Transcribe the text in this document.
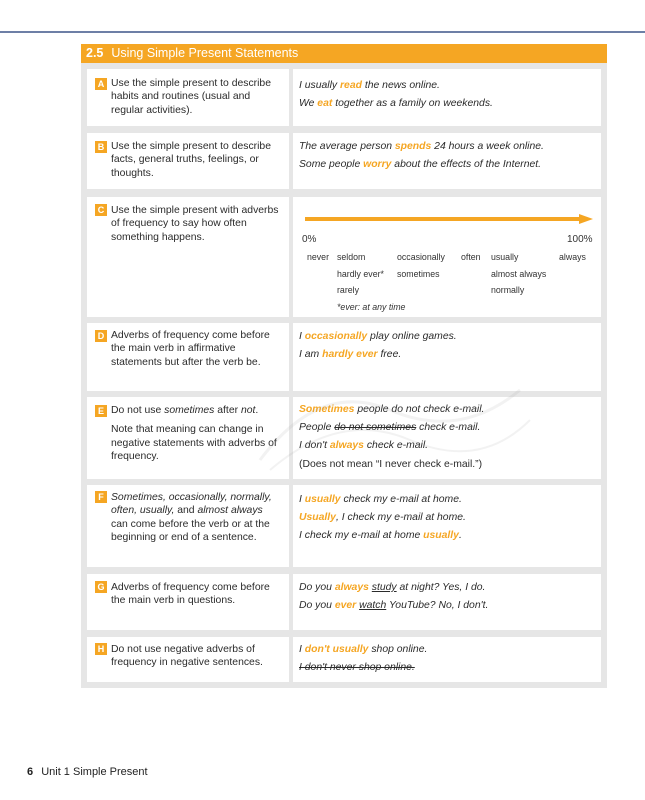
2.5 Using Simple Present Statements
A Use the simple present to describe habits and routines (usual and regular activities).

I usually read the news online.
We eat together as a family on weekends.
B Use the simple present to describe facts, general truths, feelings, or thoughts.

The average person spends 24 hours a week online.
Some people worry about the effects of the Internet.
C Use the simple present with adverbs of frequency to say how often something happens.	0%	100%
never seldom
hardly ever*
rarely
*ever: at any time
occasionally
sometimes
often usually
almost always
normally
always
D Adverbs of frequency come before the main verb in affirmative statements but after the verb be.

I occasionally play online games.
I am hardly ever free.
E Do not use sometimes after not.

Note that meaning can change in negative statements with adverbs of frequency.

Sometimes people do not check e-mail.
People do not sometimes check e-mail.
I don't always check e-mail.
(Does not mean “I never check e-mail.”)
F Sometimes, occasionally, normally, often, usually, and almost always can come before the verb or at the beginning or end of a sentence.

I usually check my e-mail at home.
Usually, I check my e-mail at home.
I check my e-mail at home usually.
G Adverbs of frequency come before the main verb in questions.

Do you always study at night? Yes, I do.
Do you ever watch YouTube? No, I don't.
H Do not use negative adverbs of frequency in negative sentences.

I don't usually shop online.
I don't never shop online.
6 Unit 1 Simple Present
